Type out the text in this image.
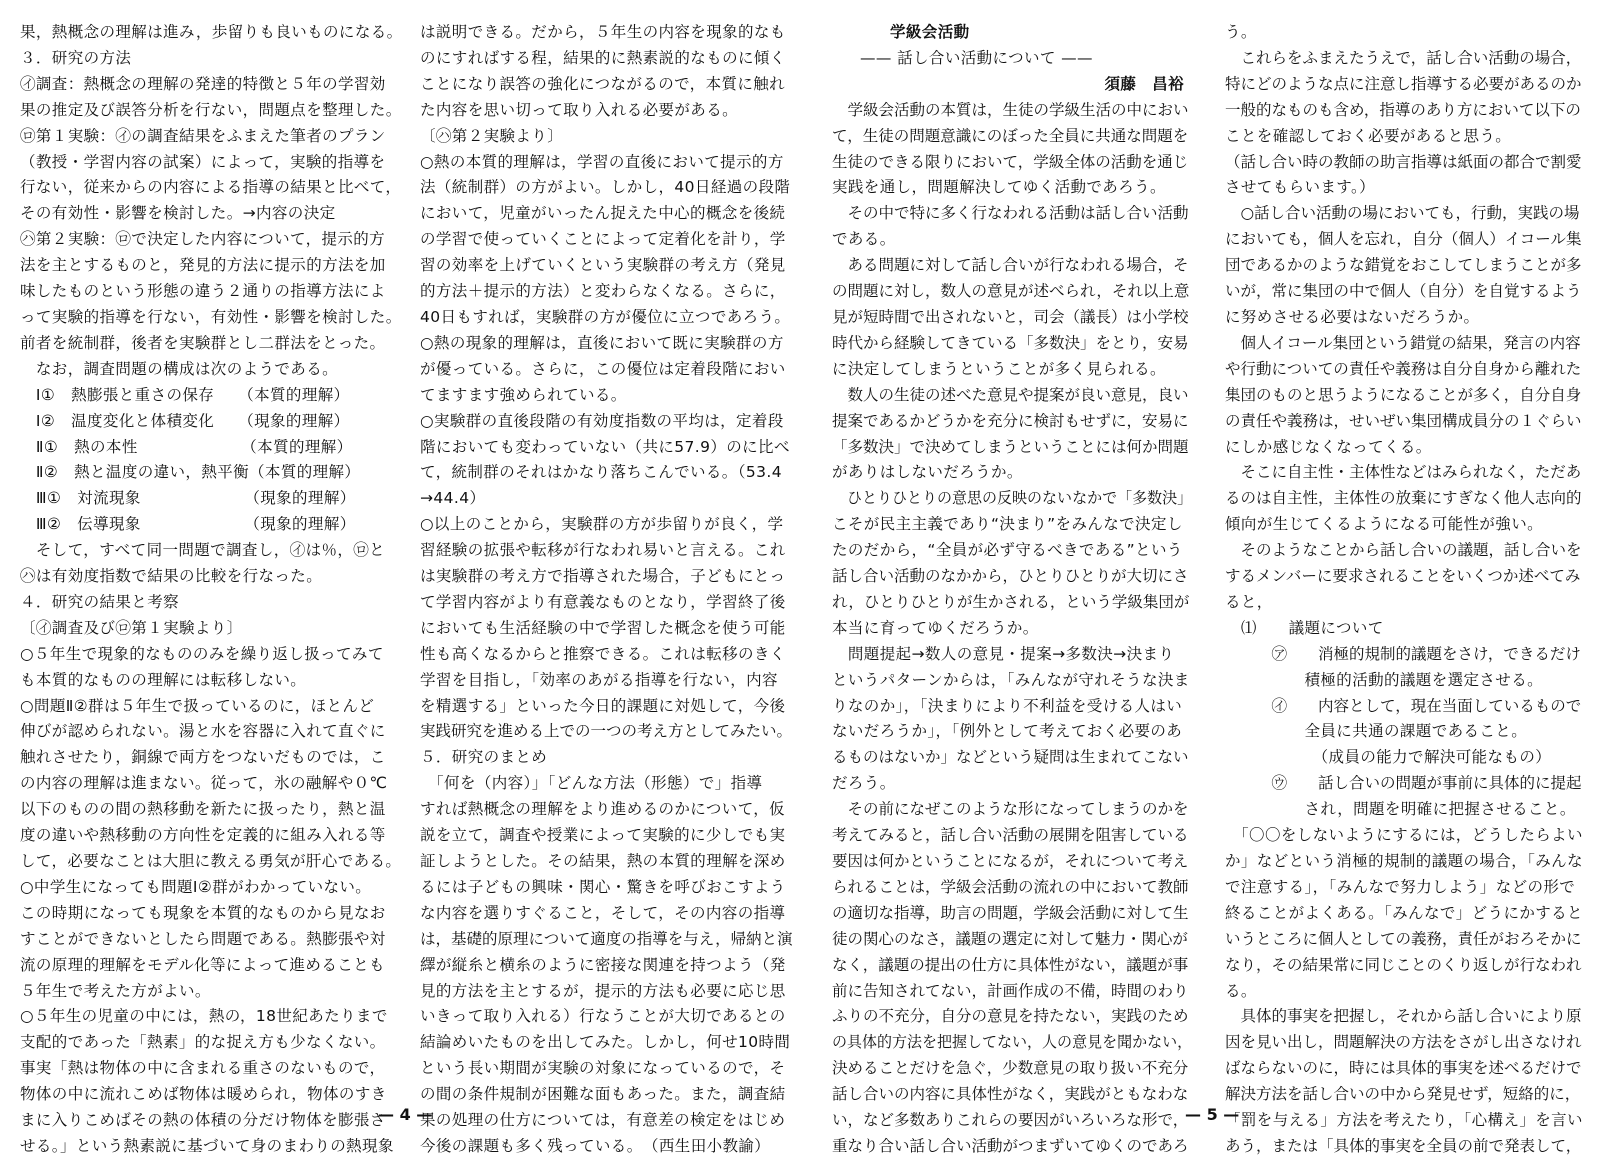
果，熱概念の理解は進み，歩留りも良いものになる。

３．研究の方法

㋑調査：熱概念の理解の発達的特徴と５年の学習効

果の推定及び誤答分析を行ない，問題点を整理した。

㋺第１実験：㋑の調査結果をふまえた筆者のプラン

（教授・学習内容の試案）によって，実験的指導を

行ない，従来からの内容による指導の結果と比べて，

その有効性・影響を検討した。→内容の決定

㋩第２実験：㋺で決定した内容について，提示的方

法を主とするものと，発見的方法に提示的方法を加

味したものという形態の違う２通りの指導方法によ

って実験的指導を行ない，有効性・影響を検討した。

前者を統制群，後者を実験群とし二群法をとった。

　なお，調査問題の構成は次のようである。

　Ⅰ①　熱膨張と重さの保存　　（本質的理解）

　Ⅰ②　温度変化と体積変化　　（現象的理解）

　Ⅱ①　熱の本性　　　　　　　（本質的理解）

　Ⅱ②　熱と温度の違い，熱平衡（本質的理解）

　Ⅲ①　対流現象　　　　　　　（現象的理解）

　Ⅲ②　伝導現象　　　　　　　（現象的理解）

　そして，すべて同一問題で調査し，㋑は％，㋺と

㋩は有効度指数で結果の比較を行なった。

４．研究の結果と考察

〔㋑調査及び㋺第１実験より〕

○５年生で現象的なもののみを繰り返し扱ってみて

も本質的なものの理解には転移しない。

○問題Ⅱ②群は５年生で扱っているのに，ほとんど

伸びが認められない。湯と水を容器に入れて直ぐに

触れさせたり，銅線で両方をつないだものでは，こ

の内容の理解は進まない。従って，氷の融解や０℃

以下のものの間の熱移動を新たに扱ったり，熱と温

度の違いや熱移動の方向性を定義的に組み入れる等

して，必要なことは大胆に教える勇気が肝心である。

○中学生になっても問題Ⅰ②群がわかっていない。

この時期になっても現象を本質的なものから見なお

すことができないとしたら問題である。熱膨張や対

流の原理的理解をモデル化等によって進めることも

５年生で考えた方がよい。

○５年生の児童の中には，熱の，18世紀あたりまで

支配的であった「熱素」的な捉え方も少なくない。

事実「熱は物体の中に含まれる重さのないもので，

物体の中に流れこめば物体は暖められ，物体のすき

まに入りこめばその熱の体積の分だけ物体を膨張さ

せる。」という熱素説に基づいて身のまわりの熱現象

は説明できる。だから，５年生の内容を現象的なも

のにすればする程，結果的に熱素説的なものに傾く

ことになり誤答の強化につながるので，本質に触れ

た内容を思い切って取り入れる必要がある。

〔㋩第２実験より〕

○熱の本質的理解は，学習の直後において提示的方

法（統制群）の方がよい。しかし，40日経過の段階

において，児童がいったん捉えた中心的概念を後続

の学習で使っていくことによって定着化を計り，学

習の効率を上げていくという実験群の考え方（発見

的方法＋提示的方法）と変わらなくなる。さらに，

40日もすれば，実験群の方が優位に立つであろう。

○熱の現象的理解は，直後において既に実験群の方

が優っている。さらに，この優位は定着段階におい

てますます強められている。

○実験群の直後段階の有効度指数の平均は，定着段

階においても変わっていない（共に57.9）のに比べ

て，統制群のそれはかなり落ちこんでいる。（53.4

→44.4）

○以上のことから，実験群の方が歩留りが良く，学

習経験の拡張や転移が行なわれ易いと言える。これ

は実験群の考え方で指導された場合，子どもにとっ

て学習内容がより有意義なものとなり，学習終了後

においても生活経験の中で学習した概念を使う可能

性も高くなるからと推察できる。これは転移のきく

学習を目指し，「効率のあがる指導を行ない，内容

を精選する」といった今日的課題に対処して，今後

実践研究を進める上での一つの考え方としてみたい。

５．研究のまとめ

　「何を（内容）」「どんな方法（形態）で」指導

すれば熱概念の理解をより進めるのかについて，仮

説を立て，調査や授業によって実験的に少しでも実

証しようとした。その結果，熱の本質的理解を深め

るには子どもの興味・関心・驚きを呼びおこすよう

な内容を選りすぐること，そして，その内容の指導

は，基礎的原理について適度の指導を与え，帰納と演

繹が縦糸と横糸のように密接な関連を持つよう（発

見的方法を主とするが，提示的方法も必要に応じ思

いきって取り入れる）行なうことが大切であるとの

結論めいたものを出してみた。しかし，何せ10時間

という長い期間が実験の対象になっているので，そ

の間の条件規制が困難な面もあった。また，調査結

果の処理の仕方については，有意差の検定をはじめ

今後の課題も多く残っている。　（西生田小教諭）

学級会活動

—— 話し合い活動について ——

須藤　昌裕

　学級会活動の本質は，生徒の学級生活の中におい

て，生徒の問題意識にのぼった全員に共通な問題を

生徒のできる限りにおいて，学級全体の活動を通じ

実践を通し，問題解決してゆく活動であろう。

　その中で特に多く行なわれる活動は話し合い活動

である。

　ある問題に対して話し合いが行なわれる場合，そ

の問題に対し，数人の意見が述べられ，それ以上意

見が短時間で出されないと，司会（議長）は小学校

時代から経験してきている「多数決」をとり，安易

に決定してしまうということが多く見られる。

　数人の生徒の述べた意見や提案が良い意見，良い

提案であるかどうかを充分に検討もせずに，安易に

「多数決」で決めてしまうということには何か問題

がありはしないだろうか。

　ひとりひとりの意思の反映のないなかで「多数決」

こそが民主主義であり“決まり”をみんなで決定し

たのだから，“全員が必ず守るべきである”という

話し合い活動のなかから，ひとりひとりが大切にさ

れ，ひとりひとりが生かされる，という学級集団が

本当に育ってゆくだろうか。

　問題提起→数人の意見・提案→多数決→決まり

というパターンからは，「みんなが守れそうな決ま

りなのか」，「決まりにより不利益を受ける人はい

ないだろうか」，「例外として考えておく必要のあ

るものはないか」などという疑問は生まれてこない

だろう。

　その前になぜこのような形になってしまうのかを

考えてみると，話し合い活動の展開を阻害している

要因は何かということになるが，それについて考え

られることは，学級会活動の流れの中において教師

の適切な指導，助言の問題，学級会活動に対して生

徒の関心のなさ，議題の選定に対して魅力・関心が

なく，議題の提出の仕方に具体性がない，議題が事

前に告知されてない，計画作成の不備，時間のわり

ふりの不充分，自分の意見を持たない，実践のため

の具体的方法を把握してない，人の意見を聞かない，

決めることだけを急ぐ，少数意見の取り扱い不充分

話し合いの内容に具体性がなく，実践がともなわな

い，など多数ありこれらの要因がいろいろな形で，

重なり合い話し合い活動がつまずいてゆくのであろ

う。

　これらをふまえたうえで，話し合い活動の場合，

特にどのような点に注意し指導する必要があるのか

一般的なものも含め，指導のあり方において以下の

ことを確認しておく必要があると思う。

（話し合い時の教師の助言指導は紙面の都合で割愛

させてもらいます。）

　○話し合い活動の場においても，行動，実践の場

においても，個人を忘れ，自分（個人）イコール集

団であるかのような錯覚をおこしてしまうことが多

いが，常に集団の中で個人（自分）を自覚するよう

に努めさせる必要はないだろうか。

　個人イコール集団という錯覚の結果，発言の内容

や行動についての責任や義務は自分自身から離れた

集団のものと思うようになることが多く，自分自身

の責任や義務は，せいぜい集団構成員分の１ぐらい

にしか感じなくなってくる。

　そこに自主性・主体性などはみられなく，ただあ

るのは自主性，主体性の放棄にすぎなく他人志向的

傾向が生じてくるようになる可能性が強い。

　そのようなことから話し合いの議題，話し合いを

するメンバーに要求されることをいくつか述べてみ

ると，

　⑴　　議題について

　　　㋐　　消極的規制的議題をさけ，できるだけ

　　　　　積極的活動的議題を選定させる。

　　　㋑　　内容として，現在当面しているもので

　　　　　全員に共通の課題であること。

　　　　　　（成員の能力で解決可能なもの）

　　　㋒　　話し合いの問題が事前に具体的に提起

　　　　　され，問題を明確に把握させること。

　「〇〇をしないようにするには，どうしたらよい

か」などという消極的規制的議題の場合，「みんな

で注意する」，「みんなで努力しよう」などの形で

終ることがよくある。「みんなで」どうにかすると

いうところに個人としての義務，責任がおろそかに

なり，その結果常に同じことのくり返しが行なわれ

る。

　具体的事実を把握し，それから話し合いにより原

因を見い出し，問題解決の方法をさがし出さなけれ

ばならないのに，時には具体的事実を述べるだけで

解決方法を話し合いの中から発見せず，短絡的に，

「罰を与える」方法を考えたり，「心構え」を言い

あう，または「具体的事実を全員の前で発表して，

— 4 —	— 5 —
